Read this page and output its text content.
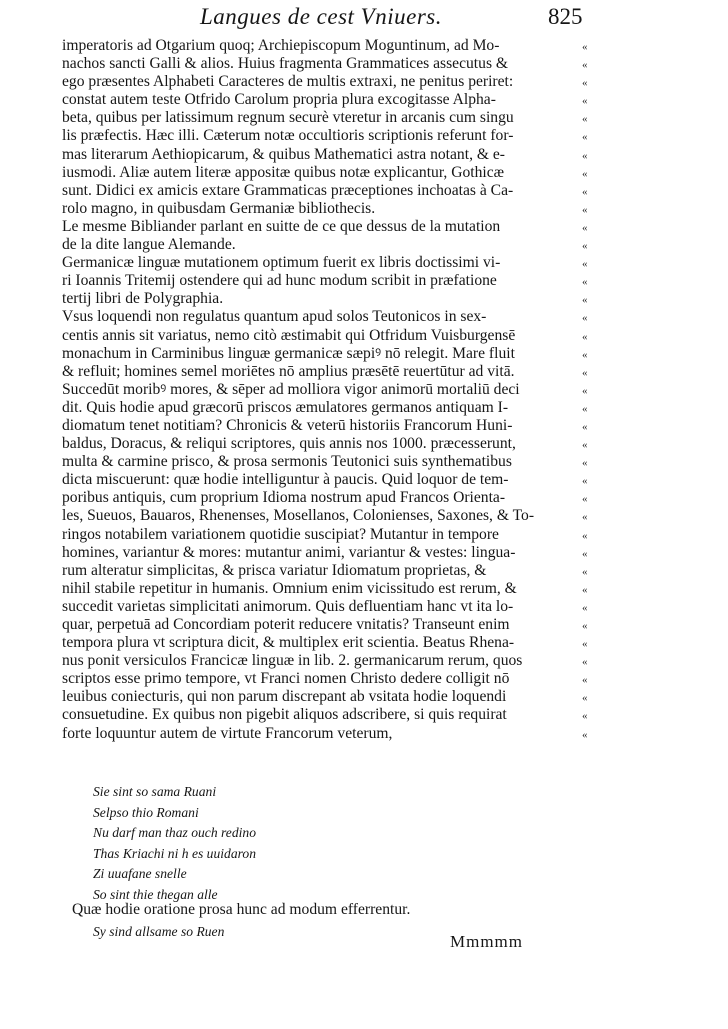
Langues de cest Vniuers.	825

imperatoris ad Otgarium quoq; Archiepiscopum Moguntinum, ad Mo-
nachos sancti Galli & alios. Huius fragmenta Grammatices assecutus &
ego præsentes Alphabeti Caracteres de multis extraxi, ne penitus periret:
constat autem teste Otfrido Carolum propria plura excogitasse Alpha-
beta, quibus per latissimum regnum securè vteretur in arcanis cum singu
lis præfectis. Hæc illi. Cæterum notæ occultioris scriptionis referunt for-
mas literarum Aethiopicarum, & quibus Mathematici astra notant, & e-
iusmodi. Aliæ autem literæ appositæ quibus notæ explicantur, Gothicæ
sunt. Didici ex amicis extare Grammaticas præceptiones inchoatas à Ca-
rolo magno, in quibusdam Germaniæ bibliothecis.

Le mesme Bibliander parlant en suitte de ce que dessus de la mutation
de la dite langue Alemande.

Germanicæ linguæ mutationem optimum fuerit ex libris doctissimi vi-
ri Ioannis Tritemij ostendere qui ad hunc modum scribit in præfatione
tertij libri de Polygraphia.

Vsus loquendi non regulatus quantum apud solos Teutonicos in sex-
centis annis sit variatus, nemo citò æstimabit qui Otfridum Vuisburgensē
monachum in Carminibus linguæ germanicæ sæpiꝰ nō relegit. Mare fluit
& refluit; homines semel moriētes nō amplius præsētē reuertūtur ad vitā.
Succedūt moribꝰ mores, & sēper ad molliora vigor animorū mortaliū deci
dit. Quis hodie apud græcorū priscos æmulatores germanos antiquam I-
diomatum tenet notitiam? Chronicis & veterū historiis Francorum Huni-
baldus, Doracus, & reliqui scriptores, quis annis nos 1000. præcesserunt,
multa & carmine prisco, & prosa sermonis Teutonici suis synthematibus
dicta miscuerunt: quæ hodie intelliguntur à paucis. Quid loquor de tem-
poribus antiquis, cum proprium Idioma nostrum apud Francos Orienta-
les, Sueuos, Bauaros, Rhenenses, Mosellanos, Colonienses, Saxones, & To-
ringos notabilem variationem quotidie suscipiat? Mutantur in tempore
homines, variantur & mores: mutantur animi, variantur & vestes: lingua-
rum alteratur simplicitas, & prisca variatur Idiomatum proprietas, &
nihil stabile repetitur in humanis. Omnium enim vicissitudo est rerum, &
succedit varietas simplicitati animorum. Quis defluentiam hanc vt ita lo-
quar, perpetuā ad Concordiam poterit reducere vnitatis? Transeunt enim
tempora plura vt scriptura dicit, & multiplex erit scientia. Beatus Rhena-
nus ponit versiculos Francicæ linguæ in lib. 2. germanicarum rerum, quos
scriptos esse primo tempore, vt Franci nomen Christo dedere colligit nō
leuibus coniecturis, qui non parum discrepant ab vsitata hodie loquendi
consuetudine. Ex quibus non pigebit aliquos adscribere, si quis requirat
forte loquuntur autem de virtute Francorum veterum,

«
«
«
«
«
«
«
«
«
«
«
«
«
«
«
«
«
«
«
«
«
«
«
«
«
«
«
«
«
«
«
«
«
«
«
«
«
«
«
Sie sint so sama Ruani
Selpso thio Romani
Nu darf man thaz ouch redino
Thas Kriachi ni h es uuidaron
Zi uuafane snelle
So sint thie thegan alle
Quæ hodie oratione prosa hunc ad modum efferrentur.
Sy sind allsame so Ruen
Mmmmm
